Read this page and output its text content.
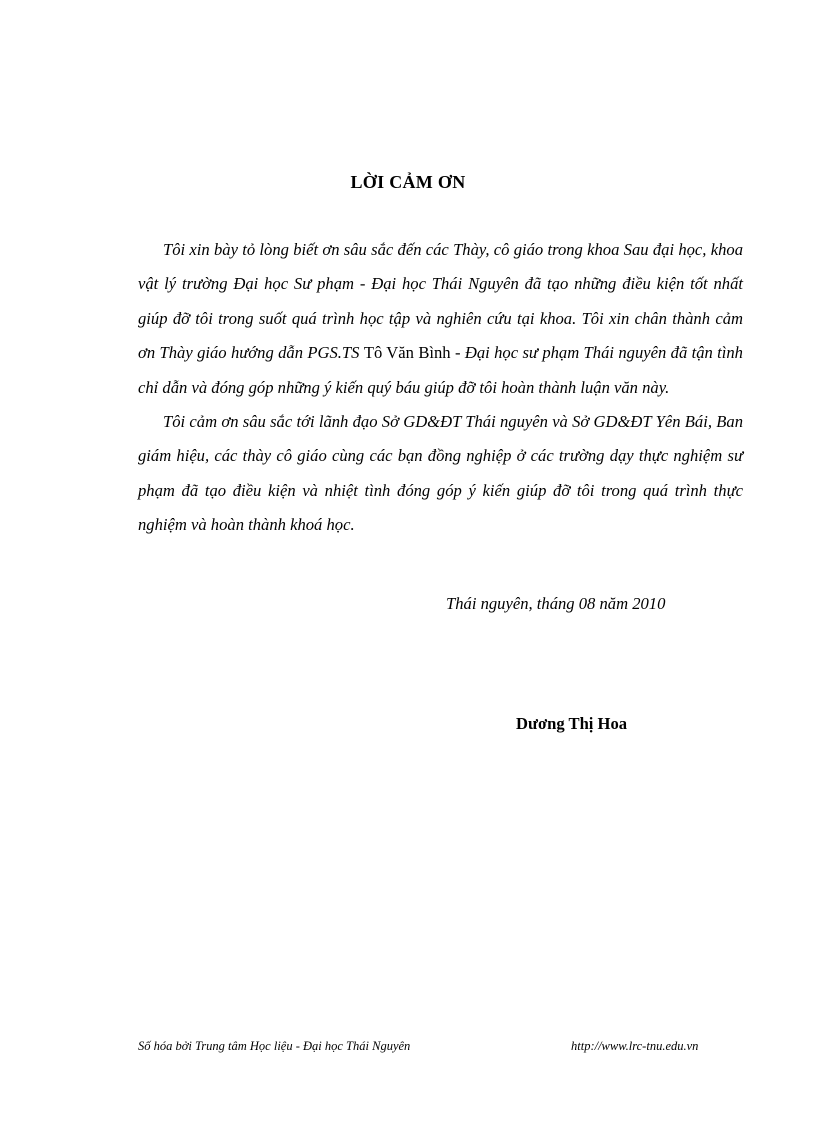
LỜI CẢM ƠN

Tôi xin bày tỏ lòng biết ơn sâu sắc đến các Thày, cô giáo trong khoa Sau đại học, khoa vật lý trường Đại học Sư phạm - Đại học Thái Nguyên đã tạo những điều kiện tốt nhất giúp đỡ tôi trong suốt quá trình học tập và nghiên cứu tại khoa. Tôi xin chân thành cảm ơn Thày giáo hướng dẫn PGS.TS Tô Văn Bình - Đại học sư phạm Thái nguyên đã tận tình chỉ dẫn và đóng góp những ý kiến quý báu giúp đỡ tôi hoàn thành luận văn này.

Tôi cảm ơn sâu sắc tới lãnh đạo Sở GD&ĐT Thái nguyên và Sở GD&ĐT Yên Bái, Ban giám hiệu, các thày cô giáo cùng các bạn đồng nghiệp ở các trường dạy thực nghiệm sư phạm đã tạo điều kiện và nhiệt tình đóng góp ý kiến giúp đỡ tôi trong quá trình thực nghiệm và hoàn thành khoá học.

Thái nguyên, tháng 08 năm 2010
Dương Thị Hoa
Số hóa bởi Trung tâm Học liệu - Đại học Thái Nguyên	http://www.lrc-tnu.edu.vn
